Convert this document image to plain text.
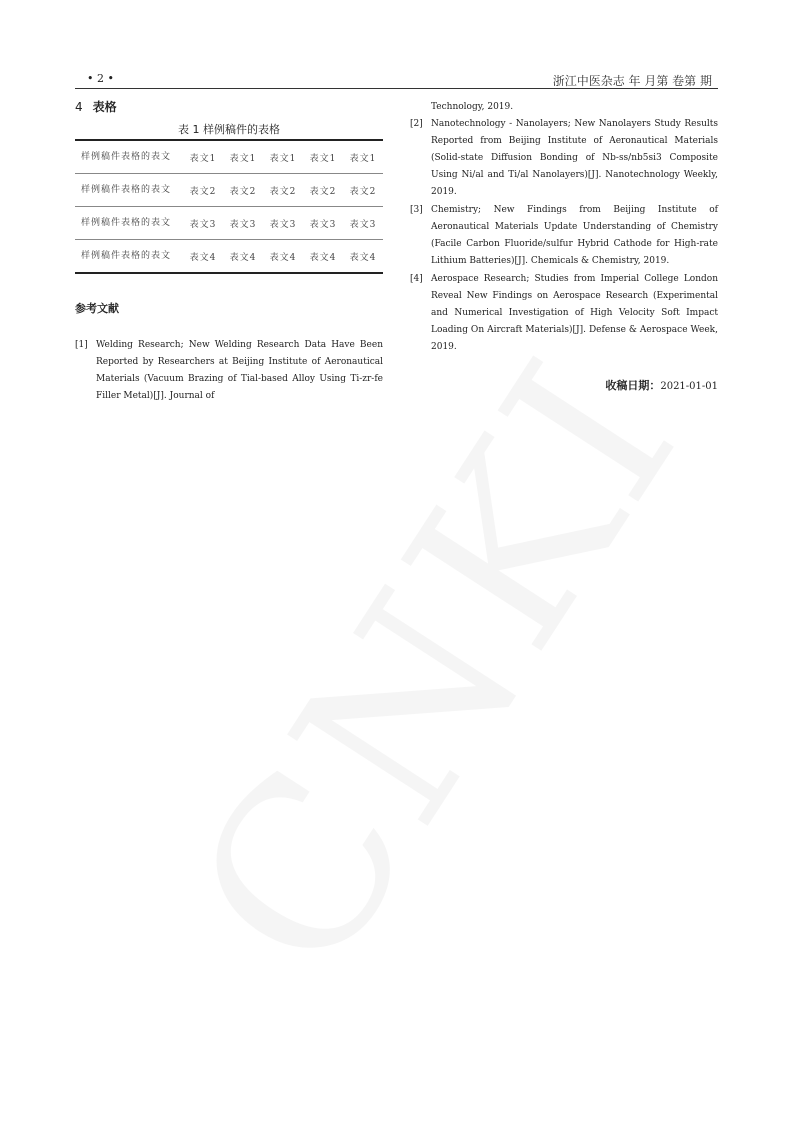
• 2 •	浙江中医杂志 年 月第 卷第 期
4 表格
表 1 样例稿件的表格
样例稿件表格的表文	表文1	表文1	表文1	表文1	表文1
样例稿件表格的表文	表文2	表文2	表文2	表文2	表文2
样例稿件表格的表文	表文3	表文3	表文3	表文3	表文3
样例稿件表格的表文	表文4	表文4	表文4	表文4	表文4
参考文献
[1] Welding Research; New Welding Research Data Have Been Reported by Researchers at Beijing Institute of Aeronautical Materials (Vacuum Brazing of Tial-based Alloy Using Ti-zr-fe Filler Metal)[J]. Journal of
Technology, 2019.
[2] Nanotechnology - Nanolayers; New Nanolayers Study Results Reported from Beijing Institute of Aeronautical Materials (Solid-state Diffusion Bonding of Nb-ss/nb5si3 Composite Using Ni/al and Ti/al Nanolayers)[J]. Nanotechnology Weekly, 2019.
[3] Chemistry; New Findings from Beijing Institute of Aeronautical Materials Update Understanding of Chemistry (Facile Carbon Fluoride/sulfur Hybrid Cathode for High-rate Lithium Batteries)[J]. Chemicals & Chemistry, 2019.
[4] Aerospace Research; Studies from Imperial College London Reveal New Findings on Aerospace Research (Experimental and Numerical Investigation of High Velocity Soft Impact Loading On Aircraft Materials)[J]. Defense & Aerospace Week, 2019.
收稿日期：2021-01-01
